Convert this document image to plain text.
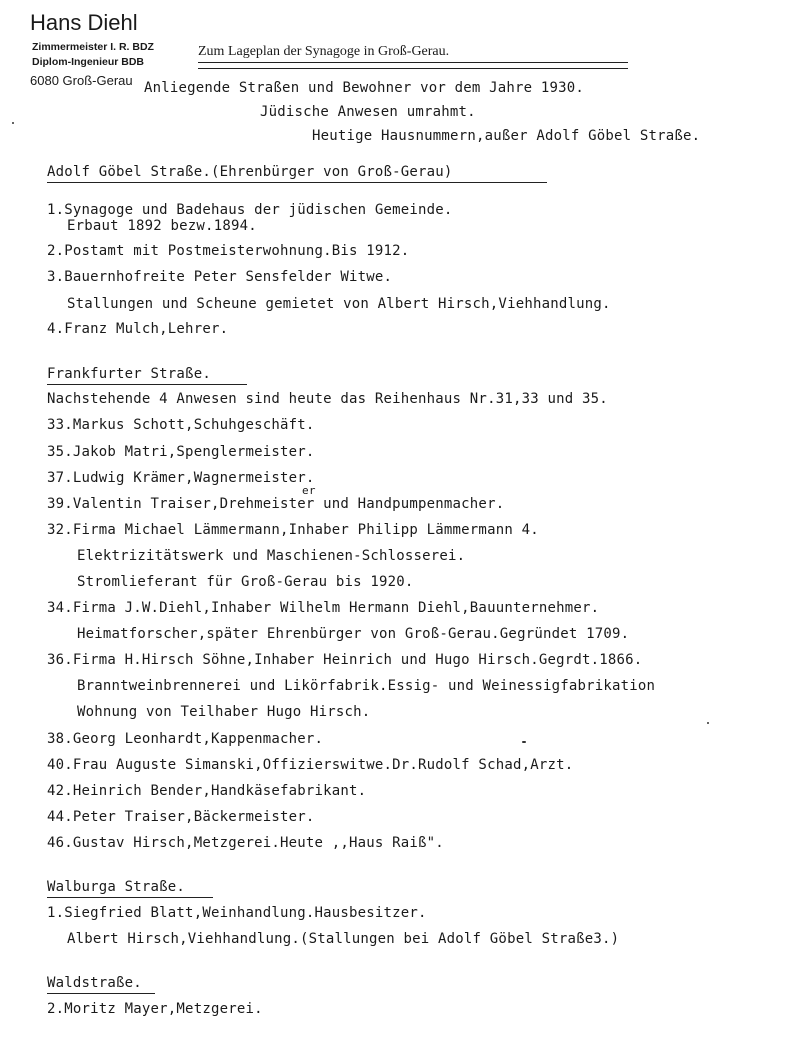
Hans Diehl
Zimmermeister I. R. BDZ
Diplom-Ingenieur BDB
6080 Groß-Gerau
Zum Lageplan der Synagoge in Groß-Gerau.
Anliegende Straßen und Bewohner vor dem Jahre 1930.
Jüdische Anwesen umrahmt.
Heutige Hausnummern,außer Adolf Göbel Straße.
Adolf Göbel Straße.(Ehrenbürger von Groß-Gerau)
1.Synagoge und Badehaus der jüdischen Gemeinde.
Erbaut 1892 bezw.1894.
2.Postamt mit Postmeisterwohnung.Bis 1912.
3.Bauernhofreite Peter Sensfelder Witwe.
Stallungen und Scheune gemietet von Albert Hirsch,Viehhandlung.
4.Franz Mulch,Lehrer.
Frankfurter Straße.
Nachstehende 4 Anwesen sind heute das Reihenhaus Nr.31,33 und 35.
33.Markus Schott,Schuhgeschäft.
35.Jakob Matri,Spenglermeister.
37.Ludwig Krämer,Wagnermeister.
er
39.Valentin Traiser,Drehmeister und Handpumpenmacher.
32.Firma Michael Lämmermann,Inhaber Philipp Lämmermann 4.
Elektrizitätswerk und Maschienen-Schlosserei.
Stromlieferant für Groß-Gerau bis 1920.
34.Firma J.W.Diehl,Inhaber Wilhelm Hermann Diehl,Bauunternehmer.
Heimatforscher,später Ehrenbürger von Groß-Gerau.Gegründet 1709.
36.Firma H.Hirsch Söhne,Inhaber Heinrich und Hugo Hirsch.Gegrdt.1866.
Branntweinbrennerei und Likörfabrik.Essig- und Weinessigfabrikation
Wohnung von Teilhaber Hugo Hirsch.
38.Georg Leonhardt,Kappenmacher.
40.Frau Auguste Simanski,Offizierswitwe.Dr.Rudolf Schad,Arzt.
42.Heinrich Bender,Handkäsefabrikant.
44.Peter Traiser,Bäckermeister.
46.Gustav Hirsch,Metzgerei.Heute ,,Haus Raiß".
Walburga Straße.
1.Siegfried Blatt,Weinhandlung.Hausbesitzer.
Albert Hirsch,Viehhandlung.(Stallungen bei Adolf Göbel Straße3.)
Waldstraße.
2.Moritz Mayer,Metzgerei.
